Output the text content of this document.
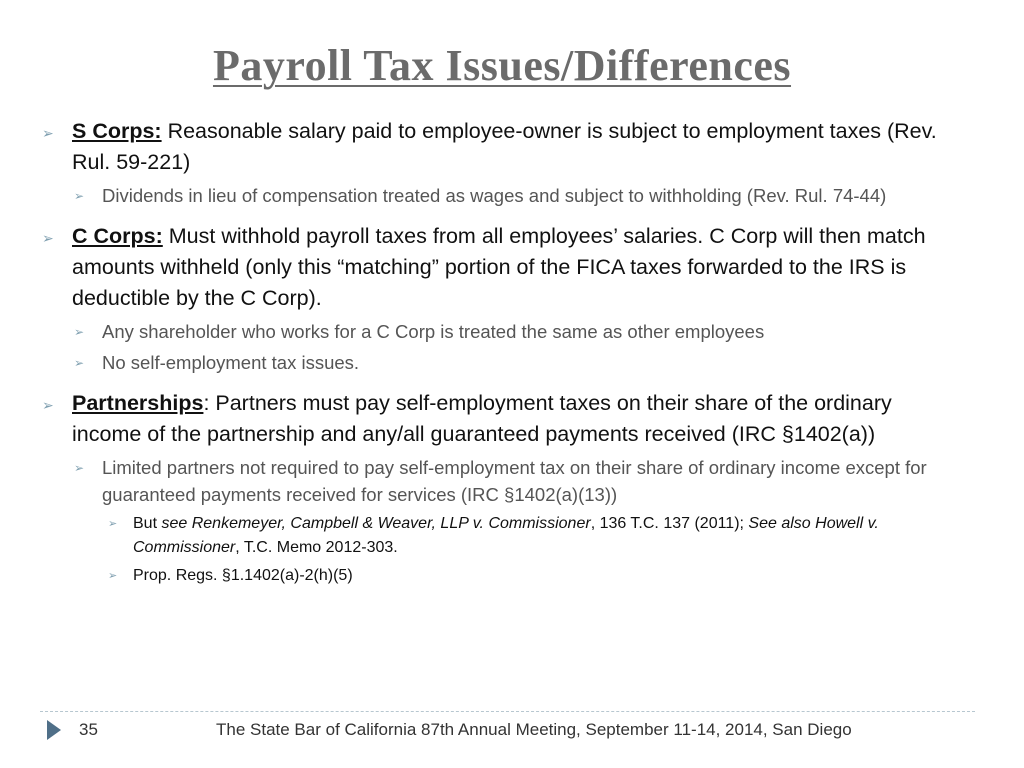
Payroll Tax Issues/Differences
➢ S Corps: Reasonable salary paid to employee-owner is subject to employment taxes (Rev. Rul. 59-221)
➢ Dividends in lieu of compensation treated as wages and subject to withholding (Rev. Rul. 74-44)
➢ C Corps: Must withhold payroll taxes from all employees’ salaries. C Corp will then match amounts withheld (only this “matching” portion of the FICA taxes forwarded to the IRS is deductible by the C Corp).
➢ Any shareholder who works for a C Corp is treated the same as other employees
➢ No self-employment tax issues.
➢ Partnerships: Partners must pay self-employment taxes on their share of the ordinary income of the partnership and any/all guaranteed payments received (IRC §1402(a))
➢ Limited partners not required to pay self-employment tax on their share of ordinary income except for guaranteed payments received for services (IRC §1402(a)(13))
➢ But see Renkemeyer, Campbell & Weaver, LLP v. Commissioner, 136 T.C. 137 (2011); See also Howell v. Commissioner, T.C. Memo 2012-303.
➢ Prop. Regs. §1.1402(a)-2(h)(5)
35	The State Bar of California 87th Annual Meeting, September 11-14, 2014, San Diego
